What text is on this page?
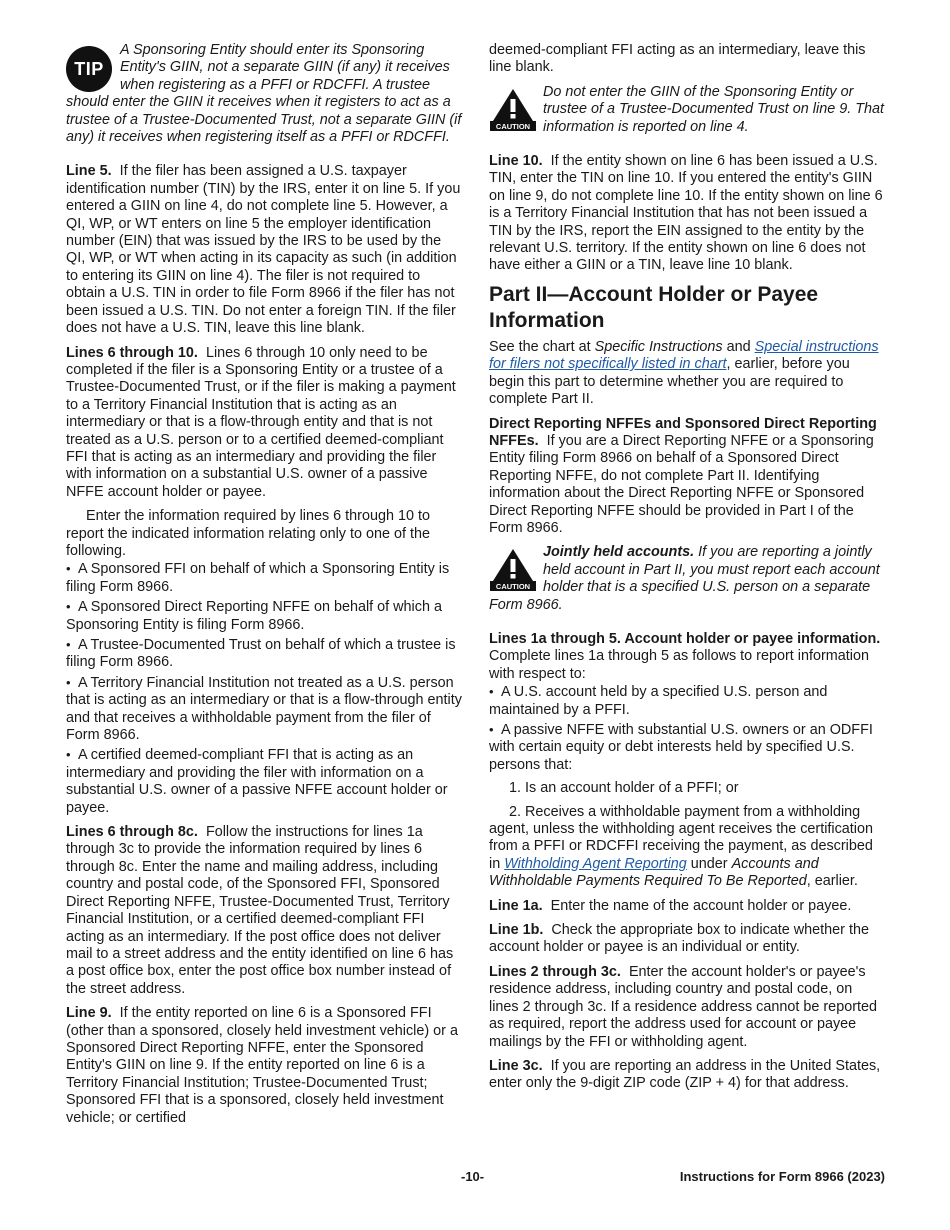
TIP
A Sponsoring Entity should enter its Sponsoring Entity's GIIN, not a separate GIIN (if any) it receives when registering as a PFFI or RDCFFI. A trustee should enter the GIIN it receives when it registers to act as a trustee of a Trustee-Documented Trust, not a separate GIIN (if any) it receives when registering itself as a PFFI or RDCFFI.

Line 5. If the filer has been assigned a U.S. taxpayer identification number (TIN) by the IRS, enter it on line 5. If you entered a GIIN on line 4, do not complete line 5. However, a QI, WP, or WT enters on line 5 the employer identification number (EIN) that was issued by the IRS to be used by the QI, WP, or WT when acting in its capacity as such (in addition to entering its GIIN on line 4). The filer is not required to obtain a U.S. TIN in order to file Form 8966 if the filer has not been issued a U.S. TIN. Do not enter a foreign TIN. If the filer does not have a U.S. TIN, leave this line blank.

Lines 6 through 10. Lines 6 through 10 only need to be completed if the filer is a Sponsoring Entity or a trustee of a Trustee-Documented Trust, or if the filer is making a payment to a Territory Financial Institution that is acting as an intermediary or that is a flow-through entity and that is not treated as a U.S. person or to a certified deemed-compliant FFI that is acting as an intermediary and providing the filer with information on a substantial U.S. owner of a passive NFFE account holder or payee.

Enter the information required by lines 6 through 10 to report the indicated information relating only to one of the following.

• A Sponsored FFI on behalf of which a Sponsoring Entity is filing Form 8966.
• A Sponsored Direct Reporting NFFE on behalf of which a Sponsoring Entity is filing Form 8966.
• A Trustee-Documented Trust on behalf of which a trustee is filing Form 8966.
• A Territory Financial Institution not treated as a U.S. person that is acting as an intermediary or that is a flow-through entity and that receives a withholdable payment from the filer of Form 8966.
• A certified deemed-compliant FFI that is acting as an intermediary and providing the filer with information on a substantial U.S. owner of a passive NFFE account holder or payee.

Lines 6 through 8c. Follow the instructions for lines 1a through 3c to provide the information required by lines 6 through 8c. Enter the name and mailing address, including country and postal code, of the Sponsored FFI, Sponsored Direct Reporting NFFE, Trustee-Documented Trust, Territory Financial Institution, or a certified deemed-compliant FFI acting as an intermediary. If the post office does not deliver mail to a street address and the entity identified on line 6 has a post office box, enter the post office box number instead of the street address.

Line 9. If the entity reported on line 6 is a Sponsored FFI (other than a sponsored, closely held investment vehicle) or a Sponsored Direct Reporting NFFE, enter the Sponsored Entity's GIIN on line 9. If the entity reported on line 6 is a Territory Financial Institution; Trustee-Documented Trust; Sponsored FFI that is a sponsored, closely held investment vehicle; or certified

deemed-compliant FFI acting as an intermediary, leave this line blank.

CAUTION
Do not enter the GIIN of the Sponsoring Entity or trustee of a Trustee-Documented Trust on line 9. That information is reported on line 4.

Line 10. If the entity shown on line 6 has been issued a U.S. TIN, enter the TIN on line 10. If you entered the entity's GIIN on line 9, do not complete line 10. If the entity shown on line 6 is a Territory Financial Institution that has not been issued a TIN by the IRS, report the EIN assigned to the entity by the relevant U.S. territory. If the entity shown on line 6 does not have either a GIIN or a TIN, leave line 10 blank.

Part II—Account Holder or Payee Information

See the chart at Specific Instructions and Special instructions for filers not specifically listed in chart, earlier, before you begin this part to determine whether you are required to complete Part II.

Direct Reporting NFFEs and Sponsored Direct Reporting NFFEs. If you are a Direct Reporting NFFE or a Sponsoring Entity filing Form 8966 on behalf of a Sponsored Direct Reporting NFFE, do not complete Part II. Identifying information about the Direct Reporting NFFE or Sponsored Direct Reporting NFFE should be provided in Part I of the Form 8966.

CAUTION
Jointly held accounts. If you are reporting a jointly held account in Part II, you must report each account holder that is a specified U.S. person on a separate Form 8966.

Lines 1a through 5. Account holder or payee information. Complete lines 1a through 5 as follows to report information with respect to:

• A U.S. account held by a specified U.S. person and maintained by a PFFI.
• A passive NFFE with substantial U.S. owners or an ODFFI with certain equity or debt interests held by specified U.S. persons that:
1. Is an account holder of a PFFI; or

2. Receives a withholdable payment from a withholding agent, unless the withholding agent receives the certification from a PFFI or RDCFFI receiving the payment, as described in Withholding Agent Reporting under Accounts and Withholdable Payments Required To Be Reported, earlier.

Line 1a. Enter the name of the account holder or payee.

Line 1b. Check the appropriate box to indicate whether the account holder or payee is an individual or entity.

Lines 2 through 3c. Enter the account holder's or payee's residence address, including country and postal code, on lines 2 through 3c. If a residence address cannot be reported as required, report the address used for account or payee mailings by the FFI or withholding agent.

Line 3c. If you are reporting an address in the United States, enter only the 9-digit ZIP code (ZIP + 4) for that address.

-10-	Instructions for Form 8966 (2023)
